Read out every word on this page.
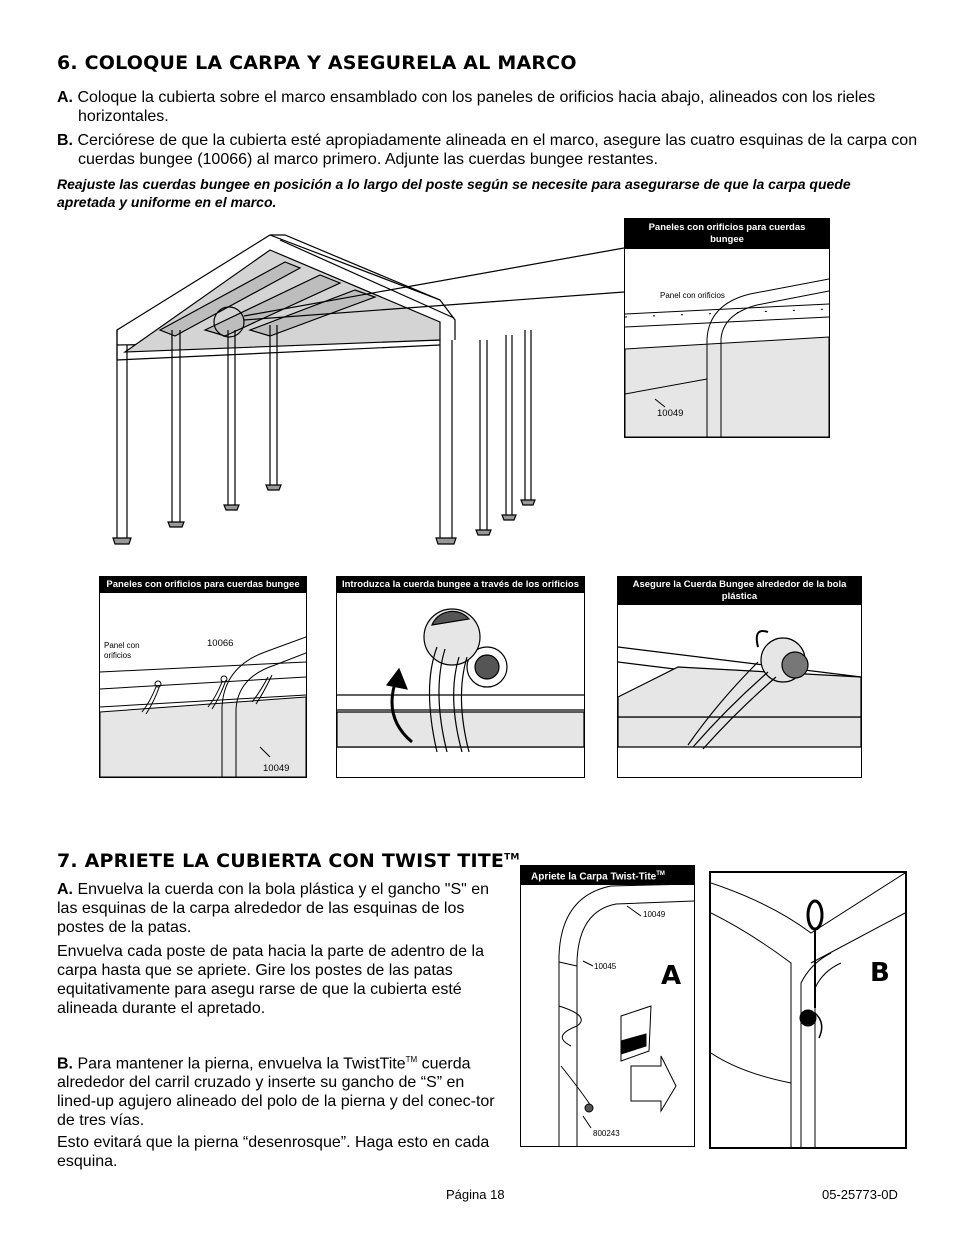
6. COLOQUE LA CARPA Y ASEGURELA AL MARCO
A. Coloque la cubierta sobre el marco ensamblado con los paneles de orificios hacia abajo, alineados con los rieles horizontales.
B. Cerciórese de que la cubierta esté apropiadamente alineada en el marco, asegure las cuatro esquinas de la carpa con cuerdas bungee (10066) al marco primero. Adjunte las cuerdas bungee restantes.
Reajuste las cuerdas bungee en posición a lo largo del poste según se necesite para asegurarse de que la carpa quede apretada y uniforme en el marco.
Paneles con orificios para cuerdas bungee
Panel con orificios
10049
Paneles con orificios para cuerdas bungee
Panel con orificios
10066
10049
Introduzca la cuerda bungee a través de los orificios	Asegure la Cuerda Bungee alrededor de la bola plástica
7. APRIETE LA CUBIERTA CON TWIST TITE™
A. Envuelva la cuerda con la bola plástica y el gancho "S" en las esquinas de la carpa alrededor de las esquinas de los postes de la patas.
Envuelva cada poste de pata hacia la parte de adentro de la carpa hasta que se apriete. Gire los postes de las patas equitativamente para asegu rarse de que la cubierta esté alineada durante el apretado.
B. Para mantener la pierna, envuelva la TwistTite™ cuerda alrededor del carril cruzado y inserte su gancho de “S” en lined-up agujero alineado del polo de la pierna y del conec-tor de tres vías.
Esto evitará que la pierna “desenrosque”. Haga esto en cada esquina.
Apriete la Carpa Twist-Tite™
10049
10045
800243
A	B
Página 18	05-25773-0D
